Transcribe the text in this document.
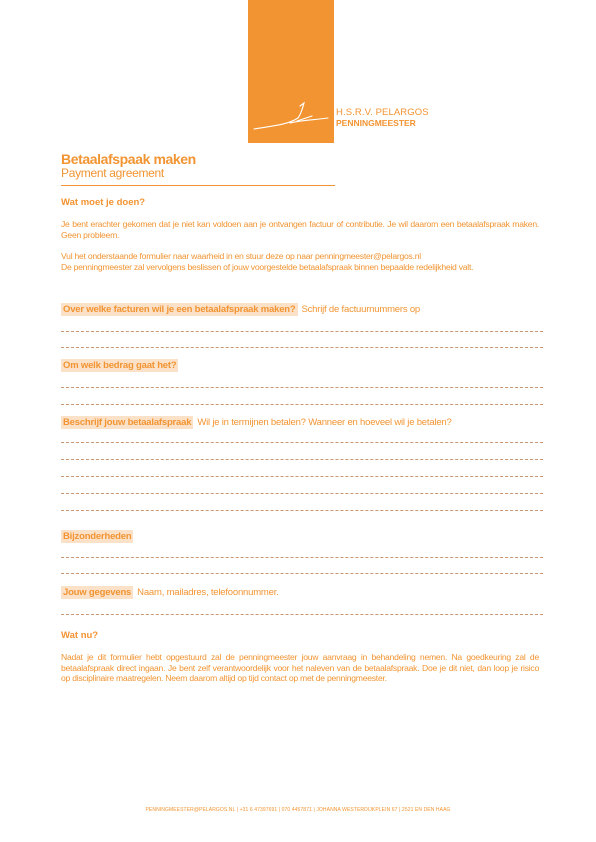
H.S.R.V. PELARGOS
PENNINGMEESTER
Betaalafspaak maken
Payment agreement
Wat moet je doen?
Je bent erachter gekomen dat je niet kan voldoen aan je ontvangen factuur of contributie. Je wil daarom een betaalafspraak maken. Geen probleem.
Vul het onderstaande formulier naar waarheid in en stuur deze op naar penningmeester@pelargos.nl
De penningmeester zal vervolgens beslissen of jouw voorgestelde betaalafspraak binnen bepaalde redelijkheid valt.
Over welke facturen wil je een betaalafspraak maken? Schrijf de factuurnummers op
Om welk bedrag gaat het?
Beschrijf jouw betaalafspraak Wil je in termijnen betalen? Wanneer en hoeveel wil je betalen?
Bijzonderheden
Jouw gegevens Naam, mailadres, telefoonnummer.
Wat nu?
Nadat je dit formulier hebt opgestuurd zal de penningmeester jouw aanvraag in behandeling nemen. Na goedkeuring zal de betaalafspraak direct ingaan. Je bent zelf verantwoordelijk voor het naleven van de betaalafspraak. Doe je dit niet, dan loop je risico op disciplinaire maatregelen. Neem daarom altijd op tijd contact op met de penningmeester.
PENNINGMEESTER@PELARGOS.NL | +31 6 47397691 | 070 4457871 | JOHANNA WESTERDIJKPLEIN 67 | 2521 EN DEN HAAG
